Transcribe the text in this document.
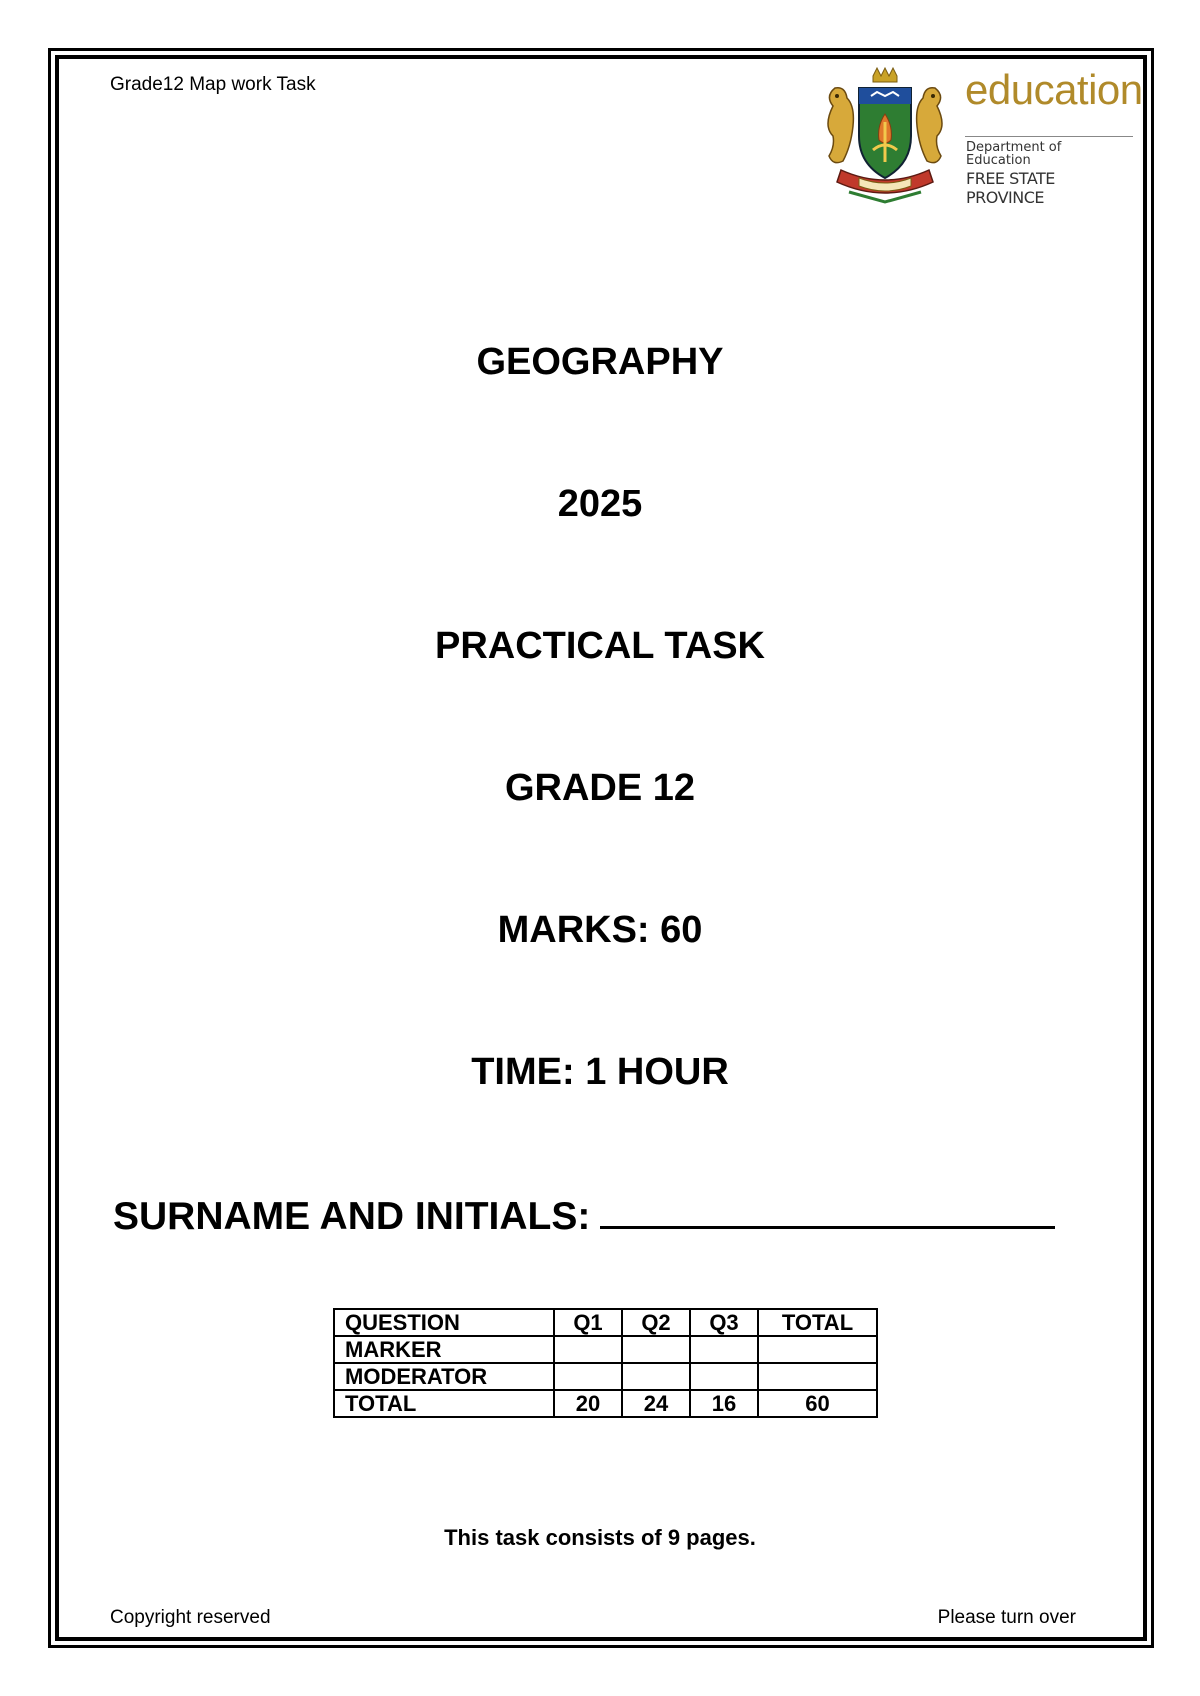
Grade12 Map work Task	education
Department of
Education
FREE STATE PROVINCE
GEOGRAPHY
2025
PRACTICAL TASK
GRADE 12
MARKS: 60
TIME: 1 HOUR
SURNAME AND INITIALS:
QUESTION	Q1	Q2	Q3	TOTAL
MARKER				
MODERATOR				
TOTAL	20	24	16	60
This task consists of 9 pages.
Copyright reserved	Please turn over
